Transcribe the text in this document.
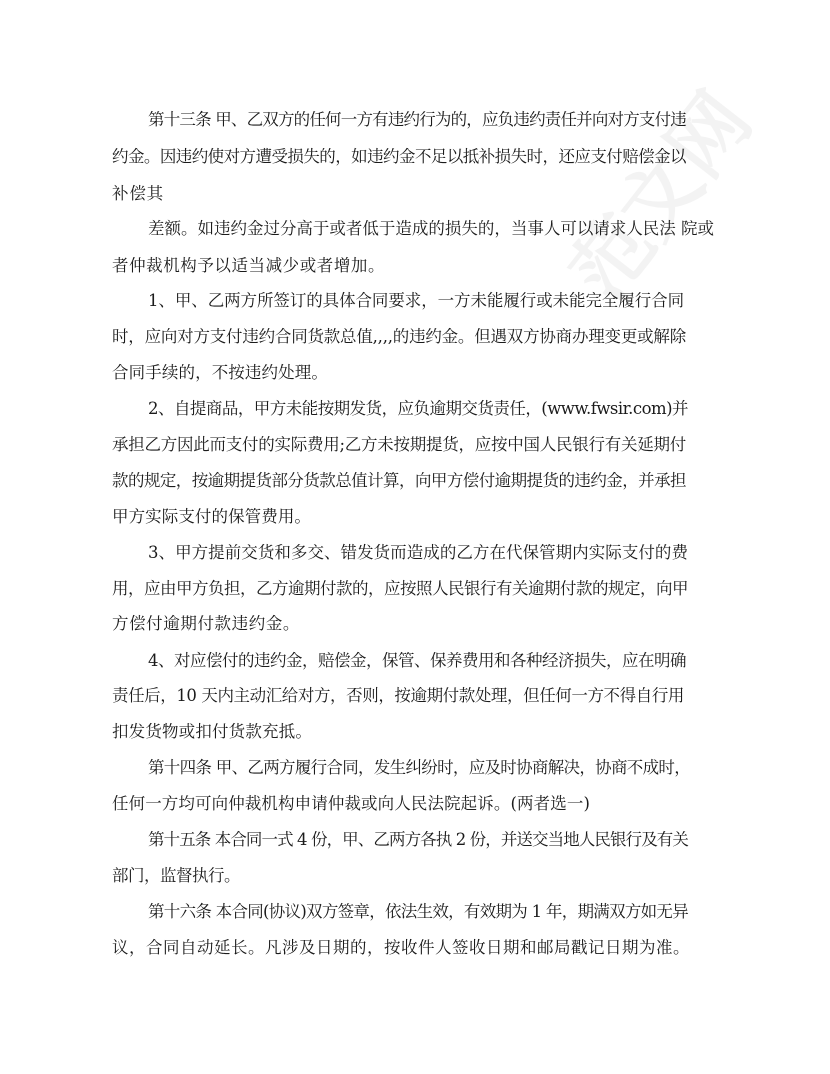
第十三条 甲、乙双方的任何一方有违约行为的，应负违约责任并向对方支付违
约金。因违约使对方遭受损失的，如违约金不足以抵补损失时，还应支付赔偿金以
补偿其
差额。如违约金过分高于或者低于造成的损失的，当事人可以请求人民法 院或
者仲裁机构予以适当减少或者增加。
1、甲、乙两方所签订的具体合同要求，一方未能履行或未能完全履行合同
时，应向对方支付违约合同货款总值,,,,的违约金。但遇双方协商办理变更或解除
合同手续的，不按违约处理。
2、自提商品，甲方未能按期发货，应负逾期交货责任，(www.fwsir.com)并
承担乙方因此而支付的实际费用;乙方未按期提货，应按中国人民银行有关延期付
款的规定，按逾期提货部分货款总值计算，向甲方偿付逾期提货的违约金，并承担
甲方实际支付的保管费用。
3、甲方提前交货和多交、错发货而造成的乙方在代保管期内实际支付的费
用，应由甲方负担，乙方逾期付款的，应按照人民银行有关逾期付款的规定，向甲
方偿付逾期付款违约金。
4、对应偿付的违约金，赔偿金，保管、保养费用和各种经济损失，应在明确
责任后，10 天内主动汇给对方，否则，按逾期付款处理，但任何一方不得自行用
扣发货物或扣付货款充抵。
第十四条 甲、乙两方履行合同，发生纠纷时，应及时协商解决，协商不成时，
任何一方均可向仲裁机构申请仲裁或向人民法院起诉。(两者选一)
第十五条 本合同一式 4 份，甲、乙两方各执 2 份，并送交当地人民银行及有关
部门，监督执行。
第十六条 本合同(协议)双方签章，依法生效，有效期为 1 年，期满双方如无异
议，合同自动延长。凡涉及日期的，按收件人签收日期和邮局戳记日期为准。
